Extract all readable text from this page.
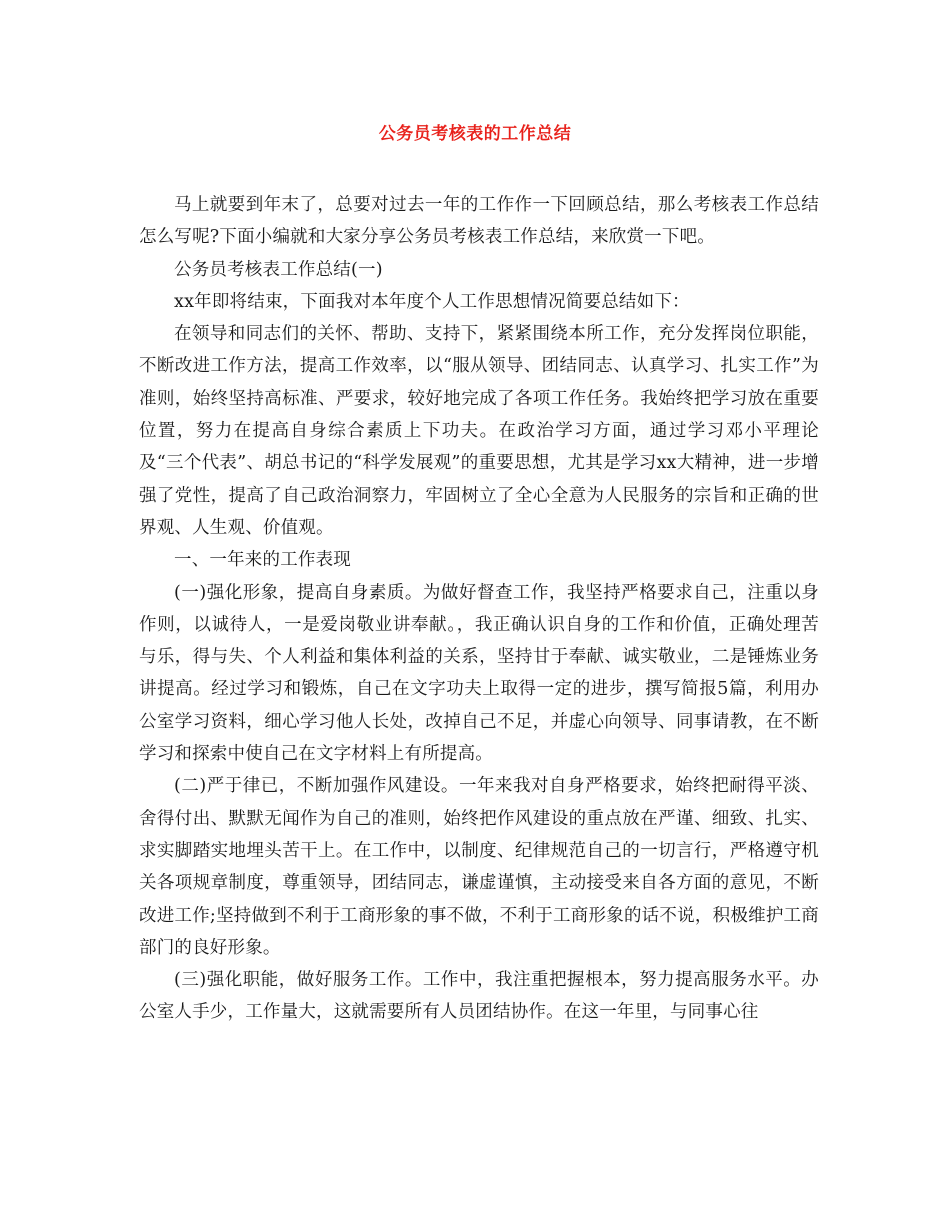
公务员考核表的工作总结

马上就要到年末了，总要对过去一年的工作作一下回顾总结，那么考核表工作总结怎么写呢?下面小编就和大家分享公务员考核表工作总结，来欣赏一下吧。

公务员考核表工作总结(一)

xx年即将结束，下面我对本年度个人工作思想情况简要总结如下：

在领导和同志们的关怀、帮助、支持下，紧紧围绕本所工作，充分发挥岗位职能，不断改进工作方法，提高工作效率，以“服从领导、团结同志、认真学习、扎实工作”为准则，始终坚持高标准、严要求，较好地完成了各项工作任务。我始终把学习放在重要位置，努力在提高自身综合素质上下功夫。在政治学习方面，通过学习邓小平理论及“三个代表”、胡总书记的“科学发展观”的重要思想，尤其是学习xx大精神，进一步增强了党性，提高了自己政治洞察力，牢固树立了全心全意为人民服务的宗旨和正确的世界观、人生观、价值观。

一、一年来的工作表现

(一)强化形象，提高自身素质。为做好督查工作，我坚持严格要求自己，注重以身作则，以诚待人，一是爱岗敬业讲奉献。，我正确认识自身的工作和价值，正确处理苦与乐，得与失、个人利益和集体利益的关系，坚持甘于奉献、诚实敬业，二是锤炼业务讲提高。经过学习和锻炼，自己在文字功夫上取得一定的进步，撰写简报5篇，利用办公室学习资料，细心学习他人长处，改掉自己不足，并虚心向领导、同事请教，在不断学习和探索中使自己在文字材料上有所提高。

(二)严于律已，不断加强作风建设。一年来我对自身严格要求，始终把耐得平淡、舍得付出、默默无闻作为自己的准则，始终把作风建设的重点放在严谨、细致、扎实、求实脚踏实地埋头苦干上。在工作中，以制度、纪律规范自己的一切言行，严格遵守机关各项规章制度，尊重领导，团结同志，谦虚谨慎，主动接受来自各方面的意见，不断改进工作;坚持做到不利于工商形象的事不做，不利于工商形象的话不说，积极维护工商部门的良好形象。

(三)强化职能，做好服务工作。工作中，我注重把握根本，努力提高服务水平。办公室人手少，工作量大，这就需要所有人员团结协作。在这一年里，与同事心往
